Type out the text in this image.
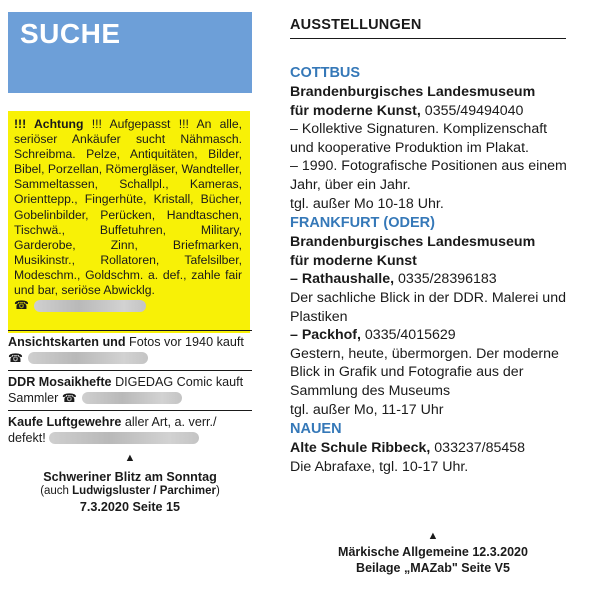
SUCHE
!!! Achtung !!! Aufgepasst !!! An alle, seriöser Ankäufer sucht Nähmasch. Schreibma. Pelze, Antiquitäten, Bilder, Bibel, Porzellan, Römergläser, Wandteller, Sammeltassen, Schallpl., Kameras, Orienttepp., Fingerhüte, Kristall, Bücher, Gobelinbilder, Perücken, Handtaschen, Tischwä., Buffetuhren, Military, Garderobe, Zinn, Briefmarken, Musikinstr., Rollatoren, Tafelsilber, Modeschm., Goldschm. a. def., zahle fair und bar, seriöse Abwicklg.
☎
Ansichtskarten und Fotos vor 1940 kauft ☎
DDR Mosaikhefte DIGEDAG Comic kauft Sammler ☎
Kaufe Luftgewehre aller Art, a. verr./ defekt!
▲
Schweriner Blitz am Sonntag
(auch Ludwigsluster / Parchimer)
7.3.2020 Seite 15
AUSSTELLUNGEN
COTTBUS
Brandenburgisches Landesmuseum
für moderne Kunst, 0355/49494040
– Kollektive Signaturen. Komplizenschaft und kooperative Produktion im Plakat.
– 1990. Fotografische Positionen aus einem Jahr, über ein Jahr.
tgl. außer Mo 10-18 Uhr.
FRANKFURT (ODER)
Brandenburgisches Landesmuseum
für moderne Kunst
– Rathaushalle, 0335/28396183
Der sachliche Blick in der DDR. Malerei und Plastiken
– Packhof, 0335/4015629
Gestern, heute, übermorgen. Der moderne Blick in Grafik und Fotografie aus der Sammlung des Museums
tgl. außer Mo, 11-17 Uhr
NAUEN
Alte Schule Ribbeck, 033237/85458
Die Abrafaxe, tgl. 10-17 Uhr.
▲
Märkische Allgemeine 12.3.2020
Beilage „MAZab" Seite V5
